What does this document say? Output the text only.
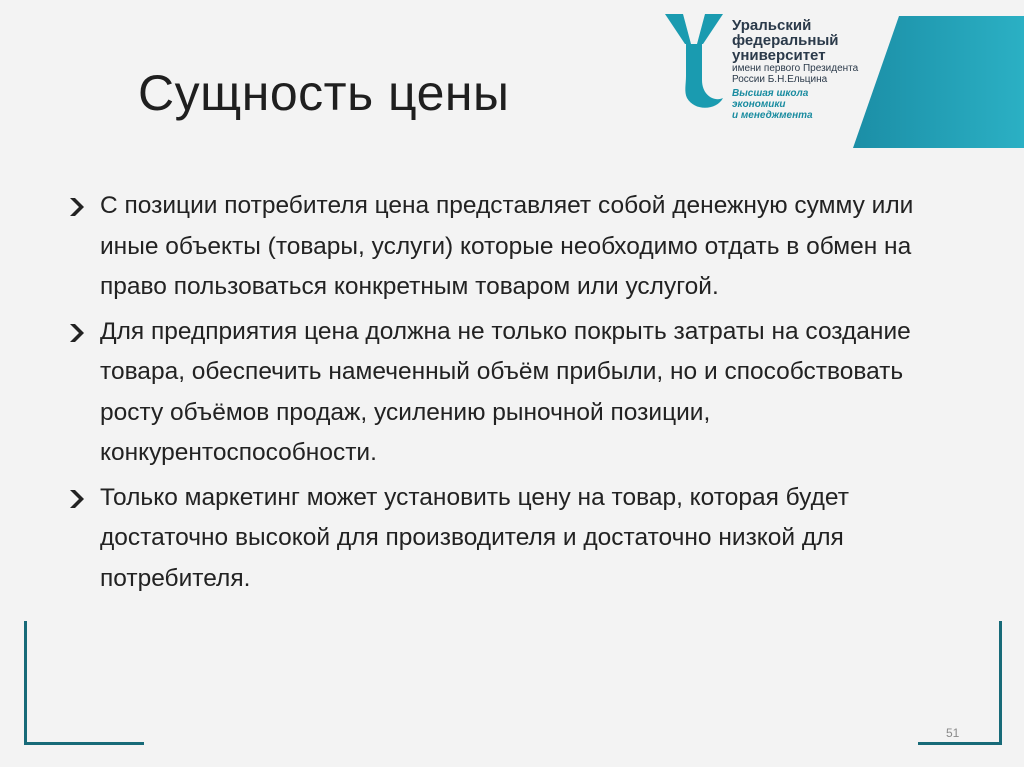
Сущность цены
Уральский
федеральный
университет
имени первого Президента
России Б.Н.Ельцина
Высшая школа
экономики
и менеджмента
С позиции потребителя цена представляет собой денежную сумму или иные объекты (товары, услуги) которые необходимо отдать в обмен на право пользоваться конкретным товаром или услугой.
Для предприятия цена должна не только покрыть затраты на создание товара, обеспечить намеченный объём прибыли, но и способствовать росту объёмов продаж, усилению рыночной позиции, конкурентоспособности.
Только маркетинг может установить цену на товар, которая будет достаточно высокой для производителя и достаточно низкой для потребителя.
51
